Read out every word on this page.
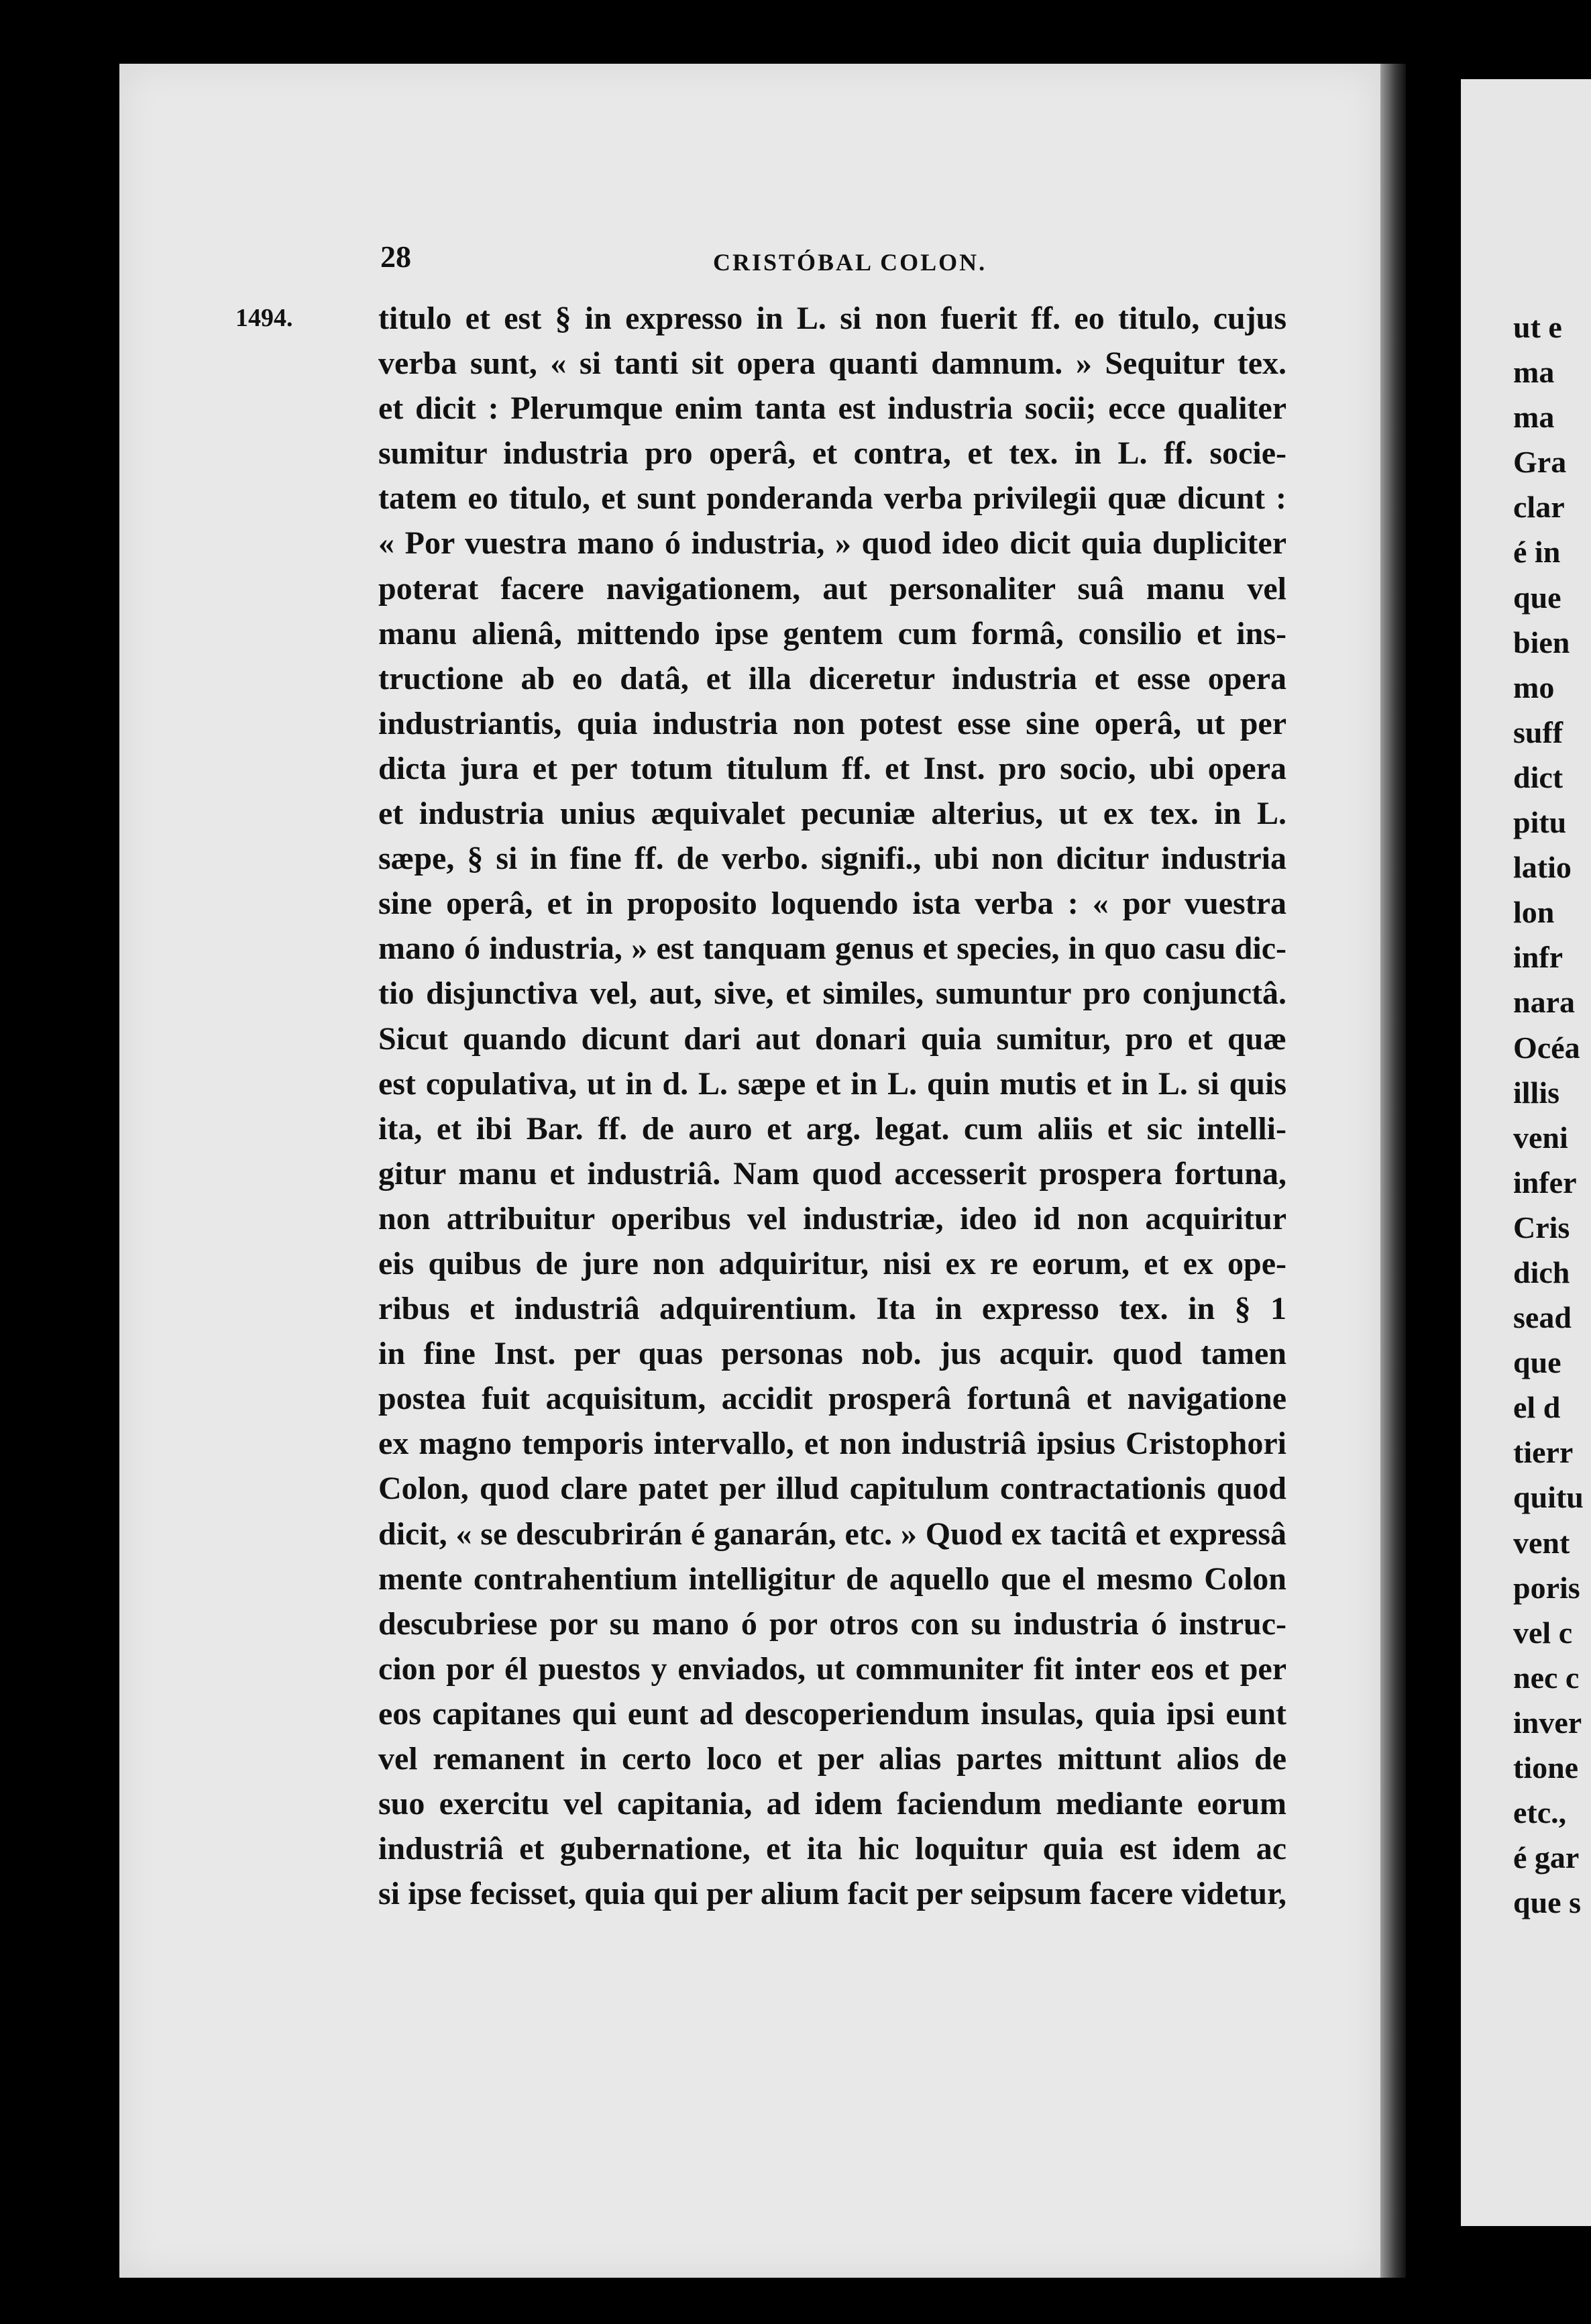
ut e
ma
ma
Gra
clar
é in
que
bien
mo
suff
dict
pitu
latio
lon
infr
nara
Océa
illis
veni
infer
Cris
dich
sead
que
el d
tierr
quitu
vent
poris
vel c
nec c
inver
tione
etc.,
é gar
que s
28	CRISTÓBAL COLON.
1494.	titulo et est § in expresso in L. si non fuerit ff. eo titulo, cujus
verba sunt, « si tanti sit opera quanti damnum. » Sequitur tex.
et dicit : Plerumque enim tanta est industria socii; ecce qualiter
sumitur industria pro operâ, et contra, et tex. in L. ff. socie-
tatem eo titulo, et sunt ponderanda verba privilegii quæ dicunt :
« Por vuestra mano ó industria, » quod ideo dicit quia dupliciter
poterat facere navigationem, aut personaliter suâ manu vel
manu alienâ, mittendo ipse gentem cum formâ, consilio et ins-
tructione ab eo datâ, et illa diceretur industria et esse opera
industriantis, quia industria non potest esse sine operâ, ut per
dicta jura et per totum titulum ff. et Inst. pro socio, ubi opera
et industria unius æquivalet pecuniæ alterius, ut ex tex. in L.
sæpe, § si in fine ff. de verbo. signifi., ubi non dicitur industria
sine operâ, et in proposito loquendo ista verba : « por vuestra
mano ó industria, » est tanquam genus et species, in quo casu dic-
tio disjunctiva vel, aut, sive, et similes, sumuntur pro conjunctâ.
Sicut quando dicunt dari aut donari quia sumitur, pro et quæ
est copulativa, ut in d. L. sæpe et in L. quin mutis et in L. si quis
ita, et ibi Bar. ff. de auro et arg. legat. cum aliis et sic intelli-
gitur manu et industriâ. Nam quod accesserit prospera fortuna,
non attribuitur operibus vel industriæ, ideo id non acquiritur
eis quibus de jure non adquiritur, nisi ex re eorum, et ex ope-
ribus et industriâ adquirentium. Ita in expresso tex. in § 1
in fine Inst. per quas personas nob. jus acquir. quod tamen
postea fuit acquisitum, accidit prosperâ fortunâ et navigatione
ex magno temporis intervallo, et non industriâ ipsius Cristophori
Colon, quod clare patet per illud capitulum contractationis quod
dicit, « se descubrirán é ganarán, etc. » Quod ex tacitâ et expressâ
mente contrahentium intelligitur de aquello que el mesmo Colon
descubriese por su mano ó por otros con su industria ó instruc-
cion por él puestos y enviados, ut communiter fit inter eos et per
eos capitanes qui eunt ad descoperiendum insulas, quia ipsi eunt
vel remanent in certo loco et per alias partes mittunt alios de
suo exercitu vel capitania, ad idem faciendum mediante eorum
industriâ et gubernatione, et ita hic loquitur quia est idem ac
si ipse fecisset, quia qui per alium facit per seipsum facere videtur,
